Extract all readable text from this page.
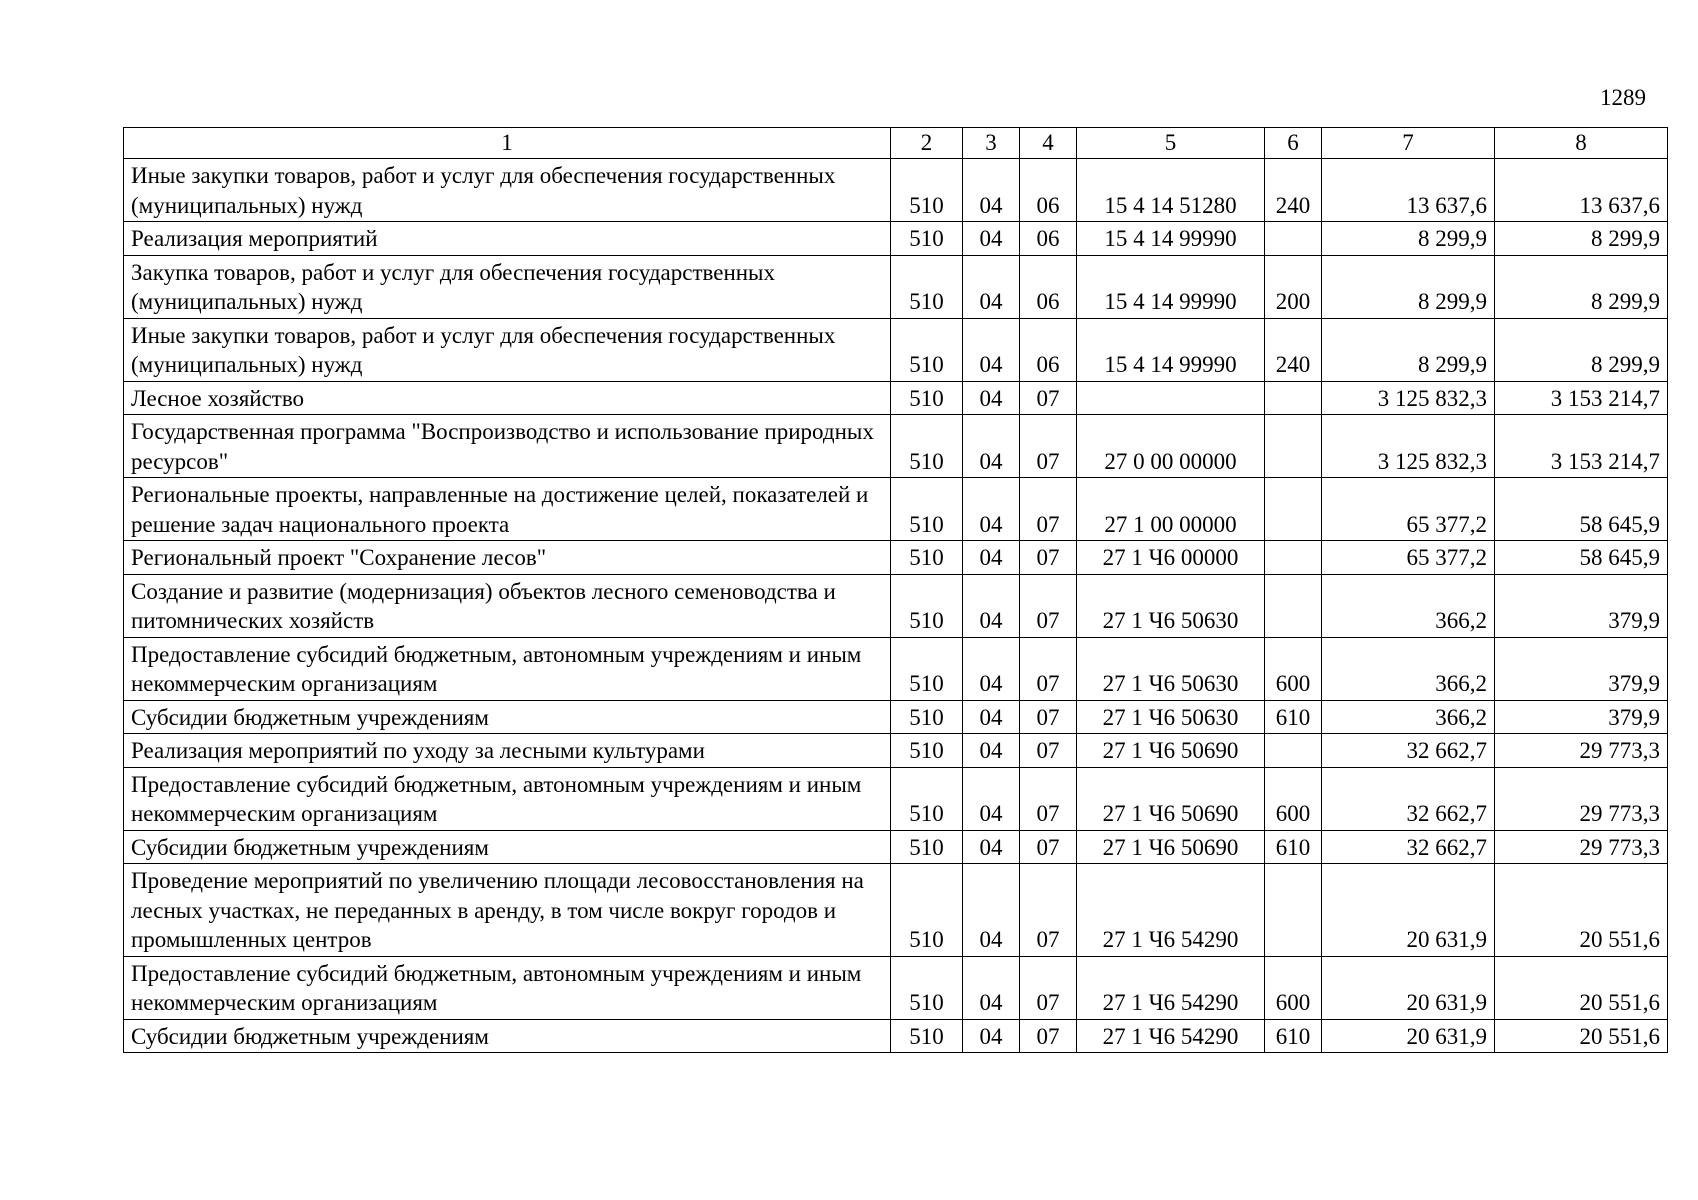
1289
1	2	3	4	5	6	7	8
Иные закупки товаров, работ и услуг для обеспечения государственных (муниципальных) нужд	510	04	06	15 4 14 51280	240	13 637,6	13 637,6
Реализация мероприятий	510	04	06	15 4 14 99990		8 299,9	8 299,9
Закупка товаров, работ и услуг для обеспечения государственных (муниципальных) нужд	510	04	06	15 4 14 99990	200	8 299,9	8 299,9
Иные закупки товаров, работ и услуг для обеспечения государственных (муниципальных) нужд	510	04	06	15 4 14 99990	240	8 299,9	8 299,9
Лесное хозяйство	510	04	07			3 125 832,3	3 153 214,7
Государственная программа "Воспроизводство и использование природных ресурсов"	510	04	07	27 0 00 00000		3 125 832,3	3 153 214,7
Региональные проекты, направленные на достижение целей, показателей и решение задач национального проекта	510	04	07	27 1 00 00000		65 377,2	58 645,9
Региональный проект "Сохранение лесов"	510	04	07	27 1 Ч6 00000		65 377,2	58 645,9
Создание и развитие (модернизация) объектов лесного семеноводства и питомнических хозяйств	510	04	07	27 1 Ч6 50630		366,2	379,9
Предоставление субсидий бюджетным, автономным учреждениям и иным некоммерческим организациям	510	04	07	27 1 Ч6 50630	600	366,2	379,9
Субсидии бюджетным учреждениям	510	04	07	27 1 Ч6 50630	610	366,2	379,9
Реализация мероприятий по уходу за лесными культурами	510	04	07	27 1 Ч6 50690		32 662,7	29 773,3
Предоставление субсидий бюджетным, автономным учреждениям и иным некоммерческим организациям	510	04	07	27 1 Ч6 50690	600	32 662,7	29 773,3
Субсидии бюджетным учреждениям	510	04	07	27 1 Ч6 50690	610	32 662,7	29 773,3
Проведение мероприятий по увеличению площади лесовосстановления на лесных участках, не переданных в аренду, в том числе вокруг городов и промышленных центров	510	04	07	27 1 Ч6 54290		20 631,9	20 551,6
Предоставление субсидий бюджетным, автономным учреждениям и иным некоммерческим организациям	510	04	07	27 1 Ч6 54290	600	20 631,9	20 551,6
Субсидии бюджетным учреждениям	510	04	07	27 1 Ч6 54290	610	20 631,9	20 551,6
